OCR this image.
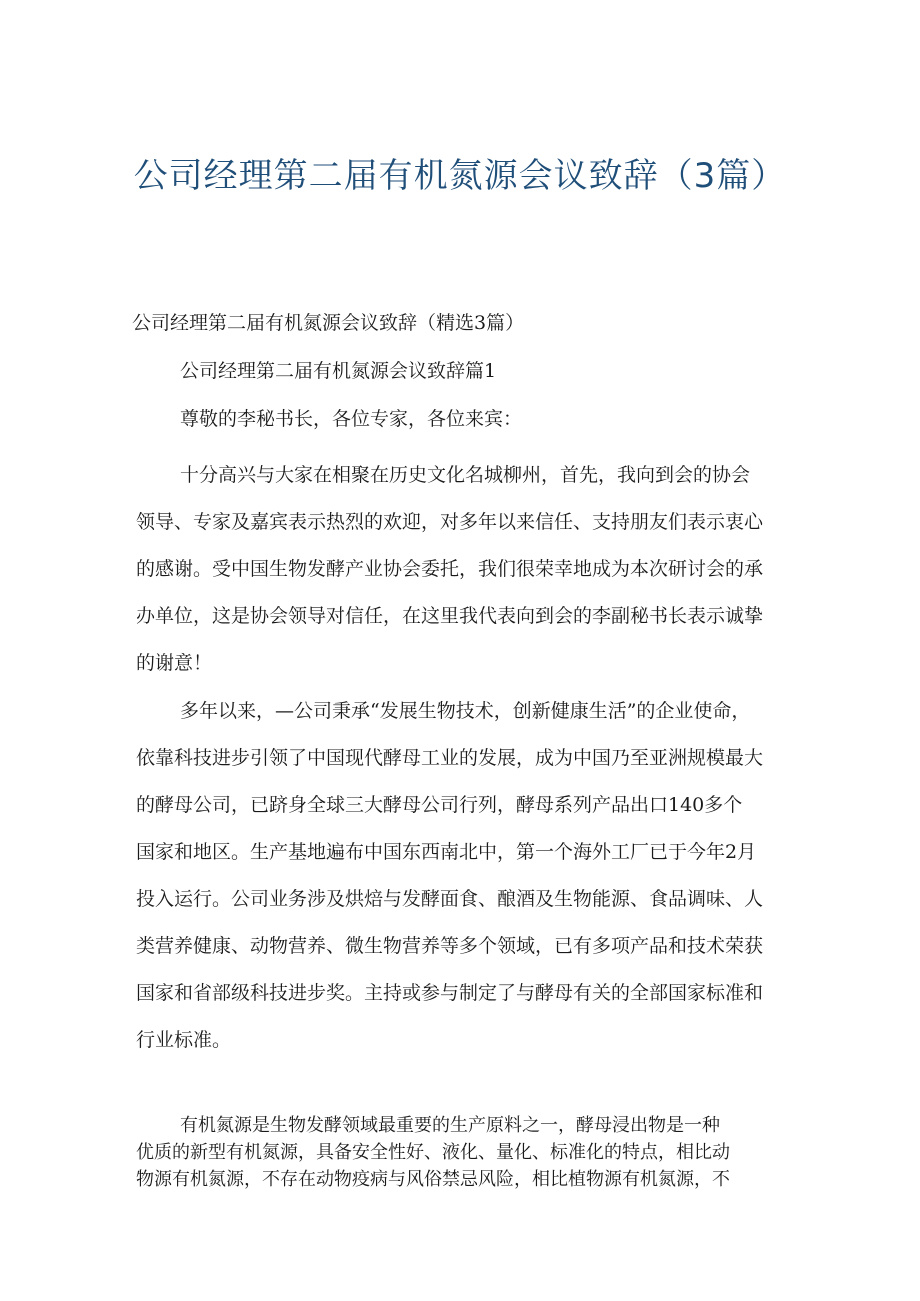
公司经理第二届有机氮源会议致辞（3篇）

公司经理第二届有机氮源会议致辞（精选3篇）

公司经理第二届有机氮源会议致辞篇1

尊敬的李秘书长，各位专家，各位来宾：

十分高兴与大家在相聚在历史文化名城柳州，首先，我向到会的协会
领导、专家及嘉宾表示热烈的欢迎，对多年以来信任、支持朋友们表示衷心
的感谢。受中国生物发酵产业协会委托，我们很荣幸地成为本次研讨会的承
办单位，这是协会领导对信任，在这里我代表向到会的李副秘书长表示诚挚
的谢意！
多年以来，—公司秉承“发展生物技术，创新健康生活”的企业使命，
依靠科技进步引领了中国现代酵母工业的发展，成为中国乃至亚洲规模最大
的酵母公司，已跻身全球三大酵母公司行列，酵母系列产品出口140多个
国家和地区。生产基地遍布中国东西南北中，第一个海外工厂已于今年2月
投入运行。公司业务涉及烘焙与发酵面食、酿酒及生物能源、食品调味、人
类营养健康、动物营养、微生物营养等多个领域，已有多项产品和技术荣获
国家和省部级科技进步奖。主持或参与制定了与酵母有关的全部国家标准和
行业标准。
有机氮源是生物发酵领域最重要的生产原料之一，酵母浸出物是一种
优质的新型有机氮源，具备安全性好、液化、量化、标准化的特点，相比动
物源有机氮源，不存在动物疫病与风俗禁忌风险，相比植物源有机氮源，不
